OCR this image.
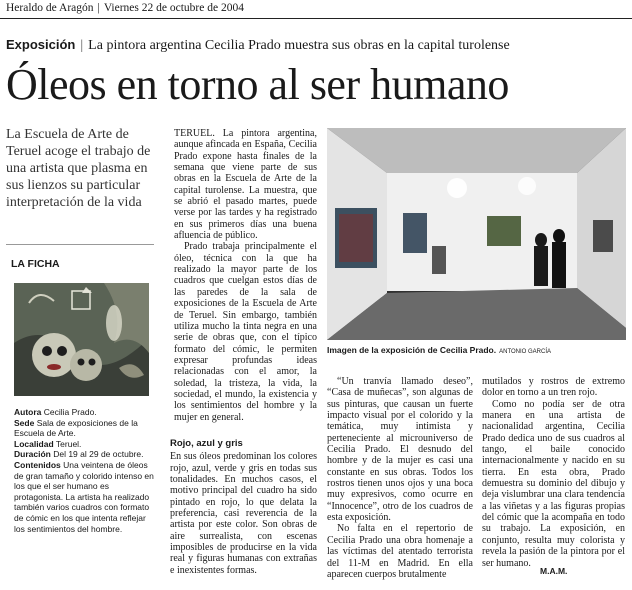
Heraldo de Aragón | Viernes 22 de octubre de 2004
Exposición | La pintora argentina Cecilia Prado muestra sus obras en la capital turolense
Óleos en torno al ser humano
La Escuela de Arte de Teruel acoge el trabajo de una artista que plasma en sus lienzos su particular interpretación de la vida
LA FICHA

Autora Cecilia Prado.

Sede Sala de exposiciones de la Escuela de Arte.

Localidad Teruel.

Duración Del 19 al 29 de octubre.

Contenidos Una veintena de óleos de gran tamaño y colorido intenso en los que el ser humano es protagonista. La artista ha realizado también varios cuadros con formato de cómic en los que intenta reflejar los sentimientos del hombre.

TERUEL. La pintora argentina, aunque afincada en España, Cecilia Prado expone hasta finales de la semana que viene parte de sus obras en la Escuela de Arte de la capital turolense. La muestra, que se abrió el pasado martes, puede verse por las tardes y ha registrado en sus primeros días una buena afluencia de público.

Prado trabaja principalmente el óleo, técnica con la que ha realizado la mayor parte de los cuadros que cuelgan estos días de las paredes de la sala de exposiciones de la Escuela de Arte de Teruel. Sin embargo, también utiliza mucho la tinta negra en una serie de obras que, con el típico formato del cómic, le permiten expresar profundas ideas relacionadas con el amor, la soledad, la tristeza, la vida, la sociedad, el mundo, la existencia y los sentimientos del hombre y la mujer en general.

Rojo, azul y gris

En sus óleos predominan los colores rojo, azul, verde y gris en todas sus tonalidades. En muchos casos, el motivo principal del cuadro ha sido pintado en rojo, lo que delata la preferencia, casi reverencia de la artista por este color. Son obras de aire surrealista, con escenas imposibles de producirse en la vida real y figuras humanas con extrañas e inexistentes formas.

Imagen de la exposición de Cecilia Prado. ANTONIO GARCÍA

“Un tranvía llamado deseo”, “Casa de muñecas”, son algunas de sus pinturas, que causan un fuerte impacto visual por el colorido y la temática, muy intimista y perteneciente al microuniverso de Cecilia Prado. El desnudo del hombre y de la mujer es casi una constante en sus obras. Todos los rostros tienen unos ojos y una boca muy expresivos, como ocurre en “Innocence”, otro de los cuadros de esta exposición.

No falta en el repertorio de Cecilia Prado una obra homenaje a las víctimas del atentado terrorista del 11-M en Madrid. En ella aparecen cuerpos brutalmente

mutilados y rostros de extremo dolor en torno a un tren rojo.

Como no podía ser de otra manera en una artista de nacionalidad argentina, Cecilia Prado dedica uno de sus cuadros al tango, el baile conocido internacionalmente y nacido en su tierra. En esta obra, Prado demuestra su dominio del dibujo y deja vislumbrar una clara tendencia a las viñetas y a las figuras propias del cómic que la acompaña en todo su trabajo. La exposición, en conjunto, resulta muy colorista y revela la pasión de la pintora por el ser humano.

M.A.M.
